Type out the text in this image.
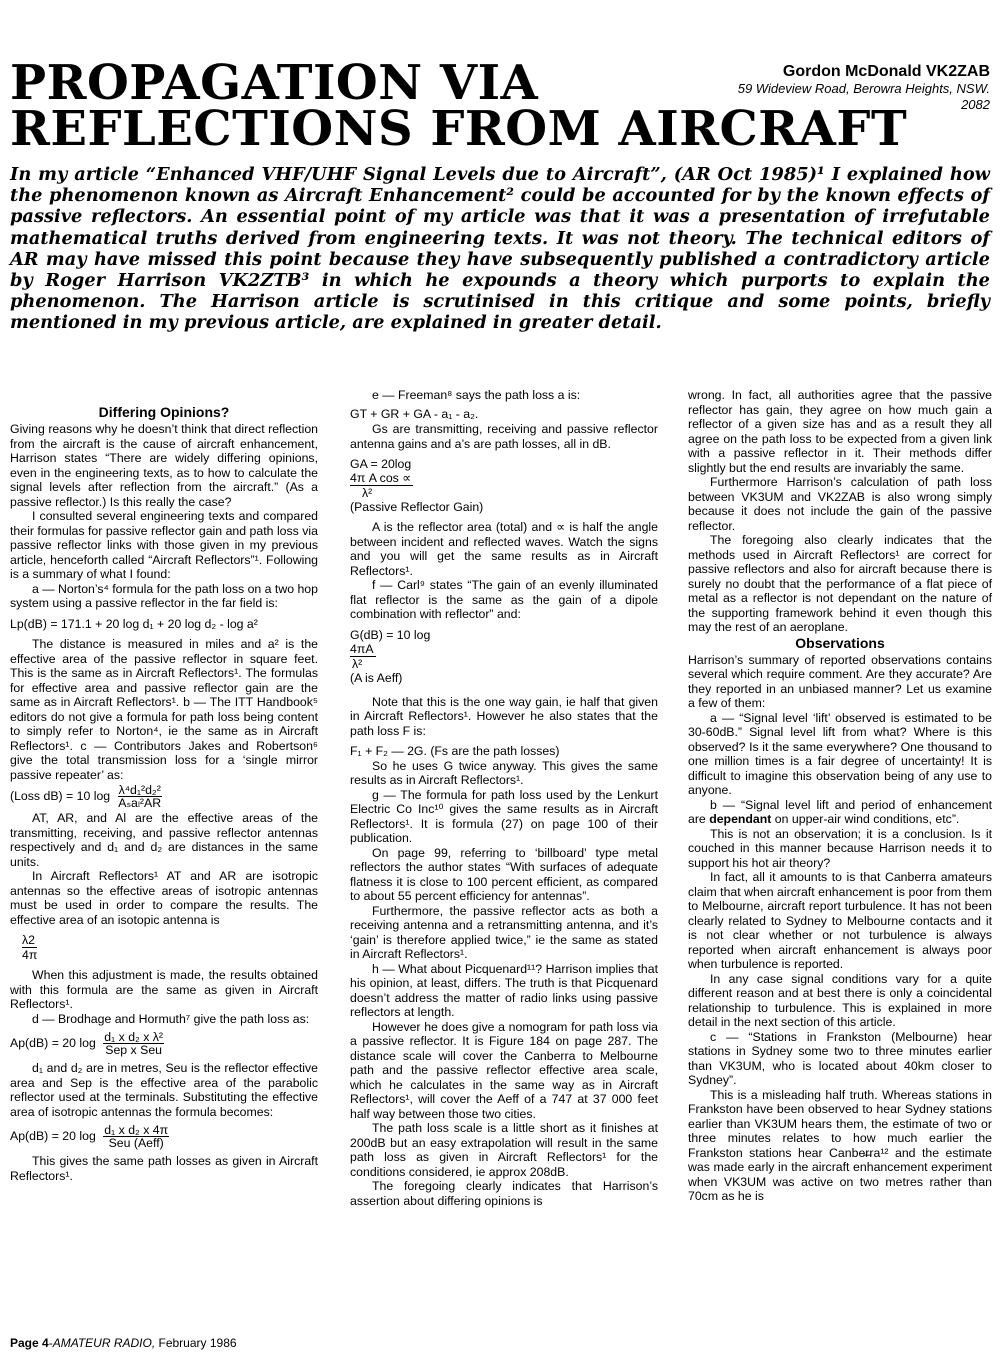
PROPAGATION VIA
REFLECTIONS FROM AIRCRAFT
Gordon McDonald VK2ZAB
59 Wideview Road, Berowra Heights, NSW.
2082
In my article “Enhanced VHF/UHF Signal Levels due to Aircraft”, (AR Oct 1985)¹ I explained how the phenomenon known as Aircraft Enhancement² could be accounted for by the known effects of passive reflectors. An essential point of my article was that it was a presentation of irrefutable mathematical truths derived from engineering texts. It was not theory. The technical editors of AR may have missed this point because they have subsequently published a contradictory article by Roger Harrison VK2ZTB³ in which he expounds a theory which purports to explain the phenomenon. The Harrison article is scrutinised in this critique and some points, briefly mentioned in my previous article, are explained in greater detail.
Differing Opinions?

Giving reasons why he doesn’t think that direct reflection from the aircraft is the cause of aircraft enhancement, Harrison states “There are widely differing opinions, even in the engineering texts, as to how to calculate the signal levels after reflection from the aircraft.” (As a passive reflector.) Is this really the case?

I consulted several engineering texts and compared their formulas for passive reflector gain and path loss via passive reflector links with those given in my previous article, henceforth called “Aircraft Reflectors”¹. Following is a summary of what I found:

a — Norton’s⁴ formula for the path loss on a two hop system using a passive reflector in the far field is:

Lp(dB) = 171.1 + 20 log d₁ + 20 log d₂ - log a²

The distance is measured in miles and a² is the effective area of the passive reflector in square feet. This is the same as in Aircraft Reflectors¹. The formulas for effective area and passive reflector gain are the same as in Aircraft Reflectors¹. b — The ITT Handbook⁵ editors do not give a formula for path loss being content to simply refer to Norton⁴, ie the same as in Aircraft Reflectors¹. c — Contributors Jakes and Robertson⁶ give the total transmission loss for a ‘single mirror passive repeater’ as:

(Loss dB) = 10 $\log \frac{\text{λ⁴d₁²d₂²}}{\text{Aₛaₗ²AR}}$

AT, AR, and Al are the effective areas of the transmitting, receiving, and passive reflector antennas respectively and d₁ and d₂ are distances in the same units.

In Aircraft Reflectors¹ AT and AR are isotropic antennas so the effective areas of isotropic antennas must be used in order to compare the results. The effective area of an isotopic antenna is

λ2
4π

When this adjustment is made, the results obtained with this formula are the same as given in Aircraft Reflectors¹.

d — Brodhage and Hormuth⁷ give the path loss as:

Ap(dB) = 20 $\log \frac{\text{d₁ x d₂ x λ²}}{\text{Sep x Seu}}$

d₁ and d₂ are in metres, Seu is the reflector effective area and Sep is the effective area of the parabolic reflector used at the terminals. Substituting the effective area of isotropic antennas the formula becomes:

Ap(dB) = 20 $\log \frac{\text{d₁ x d₂ x 4π}}{\text{Seu (Aeff)}}$

This gives the same path losses as given in Aircraft Reflectors¹.

e — Freeman⁸ says the path loss a is:

GT + GR + GA - a₁ - a₂.

Gs are transmitting, receiving and passive reflector antenna gains and a’s are path losses, all in dB.

GA = 20log
4π A cos ∝
λ²
(Passive Reflector Gain)

A is the reflector area (total) and ∝ is half the angle between incident and reflected waves. Watch the signs and you will get the same results as in Aircraft Reflectors¹.

f — Carl⁹ states “The gain of an evenly illuminated flat reflector is the same as the gain of a dipole combination with reflector” and:

G(dB) = 10 log
4πA
λ²
(A is Aeff)

Note that this is the one way gain, ie half that given in Aircraft Reflectors¹. However he also states that the path loss F is:

F₁ + F₂ — 2G. (Fs are the path losses)

So he uses G twice anyway. This gives the same results as in Aircraft Reflectors¹.

g — The formula for path loss used by the Lenkurt Electric Co Inc¹⁰ gives the same results as in Aircraft Reflectors¹. It is formula (27) on page 100 of their publication.

On page 99, referring to ‘billboard’ type metal reflectors the author states “With surfaces of adequate flatness it is close to 100 percent efficient, as compared to about 55 percent efficiency for antennas”.

Furthermore, the passive reflector acts as both a receiving antenna and a retransmitting antenna, and it’s ‘gain’ is therefore applied twice,” ie the same as stated in Aircraft Reflectors¹.

h — What about Picquenard¹¹? Harrison implies that his opinion, at least, differs. The truth is that Picquenard doesn’t address the matter of radio links using passive reflectors at length.

However he does give a nomogram for path loss via a passive reflector. It is Figure 184 on page 287. The distance scale will cover the Canberra to Melbourne path and the passive reflector effective area scale, which he calculates in the same way as in Aircraft Reflectors¹, will cover the Aeff of a 747 at 37 000 feet half way between those two cities.

The path loss scale is a little short as it finishes at 200dB but an easy extrapolation will result in the same path loss as given in Aircraft Reflectors¹ for the conditions considered, ie approx 208dB.

The foregoing clearly indicates that Harrison’s assertion about differing opinions is

wrong. In fact, all authorities agree that the passive reflector has gain, they agree on how much gain a reflector of a given size has and as a result they all agree on the path loss to be expected from a given link with a passive reflector in it. Their methods differ slightly but the end results are invariably the same.

Furthermore Harrison’s calculation of path loss between VK3UM and VK2ZAB is also wrong simply because it does not include the gain of the passive reflector.

The foregoing also clearly indicates that the methods used in Aircraft Reflectors¹ are correct for passive reflectors and also for aircraft because there is surely no doubt that the performance of a flat piece of metal as a reflector is not dependant on the nature of the supporting framework behind it even though this may the rest of an aeroplane.

Observations

Harrison’s summary of reported observations contains several which require comment. Are they accurate? Are they reported in an unbiased manner? Let us examine a few of them:

a — “Signal level ‘lift’ observed is estimated to be 30-60dB.” Signal level lift from what? Where is this observed? Is it the same everywhere? One thousand to one million times is a fair degree of uncertainty! It is difficult to imagine this observation being of any use to anyone.

b — “Signal level lift and period of enhancement are dependant on upper-air wind conditions, etc”.

This is not an observation; it is a conclusion. Is it couched in this manner because Harrison needs it to support his hot air theory?

In fact, all it amounts to is that Canberra amateurs claim that when aircraft enhancement is poor from them to Melbourne, aircraft report turbulence. It has not been clearly related to Sydney to Melbourne contacts and it is not clear whether or not turbulence is always reported when aircraft enhancement is always poor when turbulence is reported.

In any case signal conditions vary for a quite different reason and at best there is only a coincidental relationship to turbulence. This is explained in more detail in the next section of this article.

c — “Stations in Frankston (Melbourne) hear stations in Sydney some two to three minutes earlier than VK3UM, who is located about 40km closer to Sydney”.

This is a misleading half truth. Whereas stations in Frankston have been observed to hear Sydney stations earlier than VK3UM hears them, the estimate of two or three minutes relates to how much earlier the Frankston stations hear Canbe̵r̵ra¹² and the estimate was made early in the aircraft enhancement experiment when VK3UM was active on two metres rather than 70cm as he is

Page 4-AMATEUR RADIO, February 1986
